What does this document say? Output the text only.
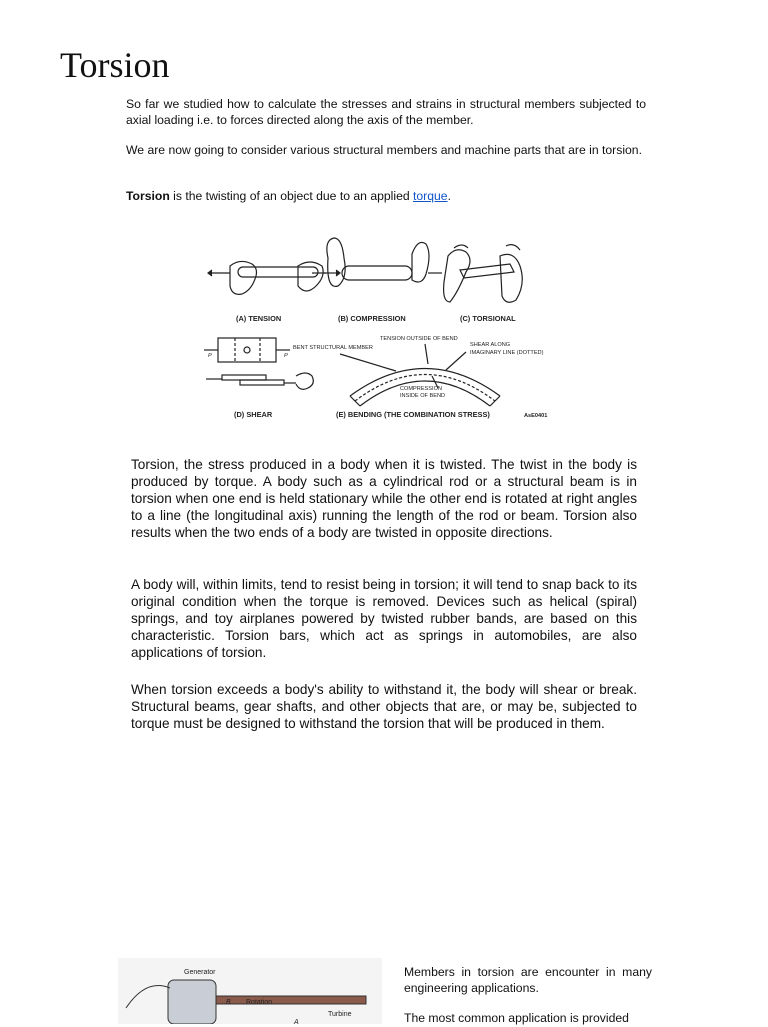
Torsion

So far we studied how to calculate the stresses and strains in structural members subjected to axial loading i.e. to forces directed along the axis of the member.

We are now going to consider various structural members and machine parts that are in torsion.

Torsion is the twisting of an object due to an applied torque.

(A) TENSION	(B) COMPRESSION	(C) TORSIONAL
(D) SHEAR	(E) BENDING (THE COMBINATION STRESS)
BENT STRUCTURAL MEMBER
TENSION OUTSIDE OF BEND
SHEAR ALONG
IMAGINARY LINE (DOTTED)
COMPRESSION
INSIDE OF BEND
AsE0401
P	P

Torsion, the stress produced in a body when it is twisted. The twist in the body is produced by torque. A body such as a cylindrical rod or a structural beam is in torsion when one end is held stationary while the other end is rotated at right angles to a line (the longitudinal axis) running the length of the rod or beam. Torsion also results when the two ends of a body are twisted in opposite directions.

A body will, within limits, tend to resist being in torsion; it will tend to snap back to its original condition when the torque is removed. Devices such as helical (spiral) springs, and toy airplanes powered by twisted rubber bands, are based on this characteristic. Torsion bars, which act as springs in automobiles, are also applications of torsion.

When torsion exceeds a body's ability to withstand it, the body will shear or break. Structural beams, gear shafts, and other objects that are, or may be, subjected to torque must be designed to withstand the torsion that will be produced in them.

Generator
Rotation
Turbine
B
A

Members in torsion are encounter in many engineering applications.

The most common application is provided
